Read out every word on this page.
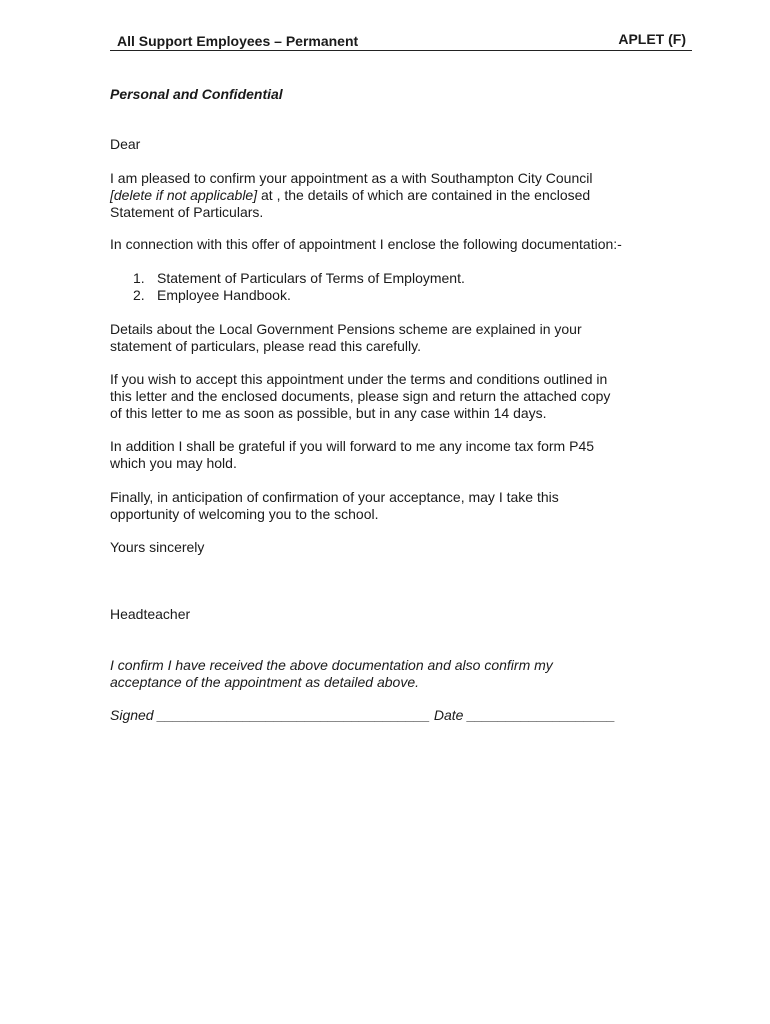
All Support Employees – Permanent	APLET (F)
Personal and Confidential
Dear
I am pleased to confirm your appointment as a with Southampton City Council
[delete if not applicable] at , the details of which are contained in the enclosed
Statement of Particulars.
In connection with this offer of appointment I enclose the following documentation:-
1. Statement of Particulars of Terms of Employment.
2. Employee Handbook.
Details about the Local Government Pensions scheme are explained in your
statement of particulars, please read this carefully.
If you wish to accept this appointment under the terms and conditions outlined in
this letter and the enclosed documents, please sign and return the attached copy
of this letter to me as soon as possible, but in any case within 14 days.
In addition I shall be grateful if you will forward to me any income tax form P45
which you may hold.
Finally, in anticipation of confirmation of your acceptance, may I take this
opportunity of welcoming you to the school.
Yours sincerely
Headteacher
I confirm I have received the above documentation and also confirm my
acceptance of the appointment as detailed above.
Signed ___________________________________ Date ___________________
